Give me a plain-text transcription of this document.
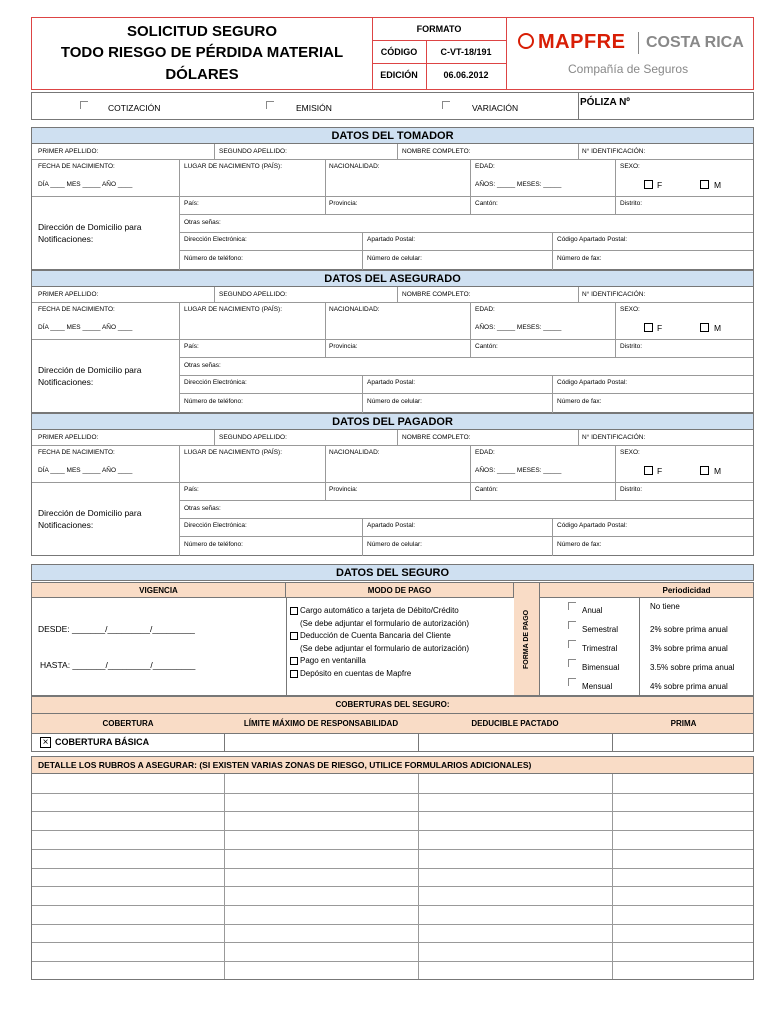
SOLICITUD SEGURO
TODO RIESGO DE PÉRDIDA MATERIAL
DÓLARES
FORMATO
CÓDIGO	C-VT-18/191
EDICIÓN	06.06.2012
MAPFRE COSTA RICA
Compañía de Seguros
COTIZACIÓN	EMISIÓN	VARIACIÓN	PÓLIZA Nº
DATOS DEL TOMADOR
PRIMER APELLIDO:	SEGUNDO APELLIDO:	NOMBRE COMPLETO:	N° IDENTIFICACIÓN:
FECHA DE NACIMIENTO:	LUGAR DE NACIMIENTO (PAÍS):	NACIONALIDAD:	EDAD:	SEXO:
DÍA ____ MES _____ AÑO ____	AÑOS: _____ MESES: _____	F	M
Dirección de Domicilio para
Notificaciones:
País:	Provincia:	Cantón:	Distrito:
Otras señas:
Dirección Electrónica:	Apartado Postal:	Código Apartado Postal:
Número de teléfono:	Número de celular:	Número de fax:
DATOS DEL ASEGURADO
PRIMER APELLIDO:	SEGUNDO APELLIDO:	NOMBRE COMPLETO:	N° IDENTIFICACIÓN:
FECHA DE NACIMIENTO:	LUGAR DE NACIMIENTO (PAÍS):	NACIONALIDAD:	EDAD:	SEXO:
DÍA ____ MES _____ AÑO ____	AÑOS: _____ MESES: _____	F	M
Dirección de Domicilio para
Notificaciones:
País:	Provincia:	Cantón:	Distrito:
Otras señas:
Dirección Electrónica:	Apartado Postal:	Código Apartado Postal:
Número de teléfono:	Número de celular:	Número de fax:
DATOS DEL PAGADOR
PRIMER APELLIDO:	SEGUNDO APELLIDO:	NOMBRE COMPLETO:	N° IDENTIFICACIÓN:
FECHA DE NACIMIENTO:	LUGAR DE NACIMIENTO (PAÍS):	NACIONALIDAD:	EDAD:	SEXO:
DÍA ____ MES _____ AÑO ____	AÑOS: _____ MESES: _____	F	M
Dirección de Domicilio para
Notificaciones:
País:	Provincia:	Cantón:	Distrito:
Otras señas:
Dirección Electrónica:	Apartado Postal:	Código Apartado Postal:
Número de teléfono:	Número de celular:	Número de fax:
DATOS DEL SEGURO
VIGENCIA	MODO DE PAGO
FORMA DE PAGO
Periodicidad
DESDE: _______/_________/_________
HASTA: _______/_________/_________
Cargo automático a tarjeta de Débito/Crédito
(Se debe adjuntar el formulario de autorización)
Deducción de Cuenta Bancaria del Cliente
(Se debe adjuntar el formulario de autorización)
Pago en ventanilla
Depósito en cuentas de Mapfre
Anual	No tiene
Semestral	2% sobre prima anual
Trimestral	3% sobre prima anual
Bimensual	3.5% sobre prima anual
Mensual	4% sobre prima anual
COBERTURAS DEL SEGURO:
COBERTURA	LÍMITE MÁXIMO DE RESPONSABILIDAD	DEDUCIBLE PACTADO	PRIMA
× COBERTURA BÁSICA
DETALLE LOS RUBROS A ASEGURAR: (SI EXISTEN VARIAS ZONAS DE RIESGO, UTILICE FORMULARIOS ADICIONALES)
